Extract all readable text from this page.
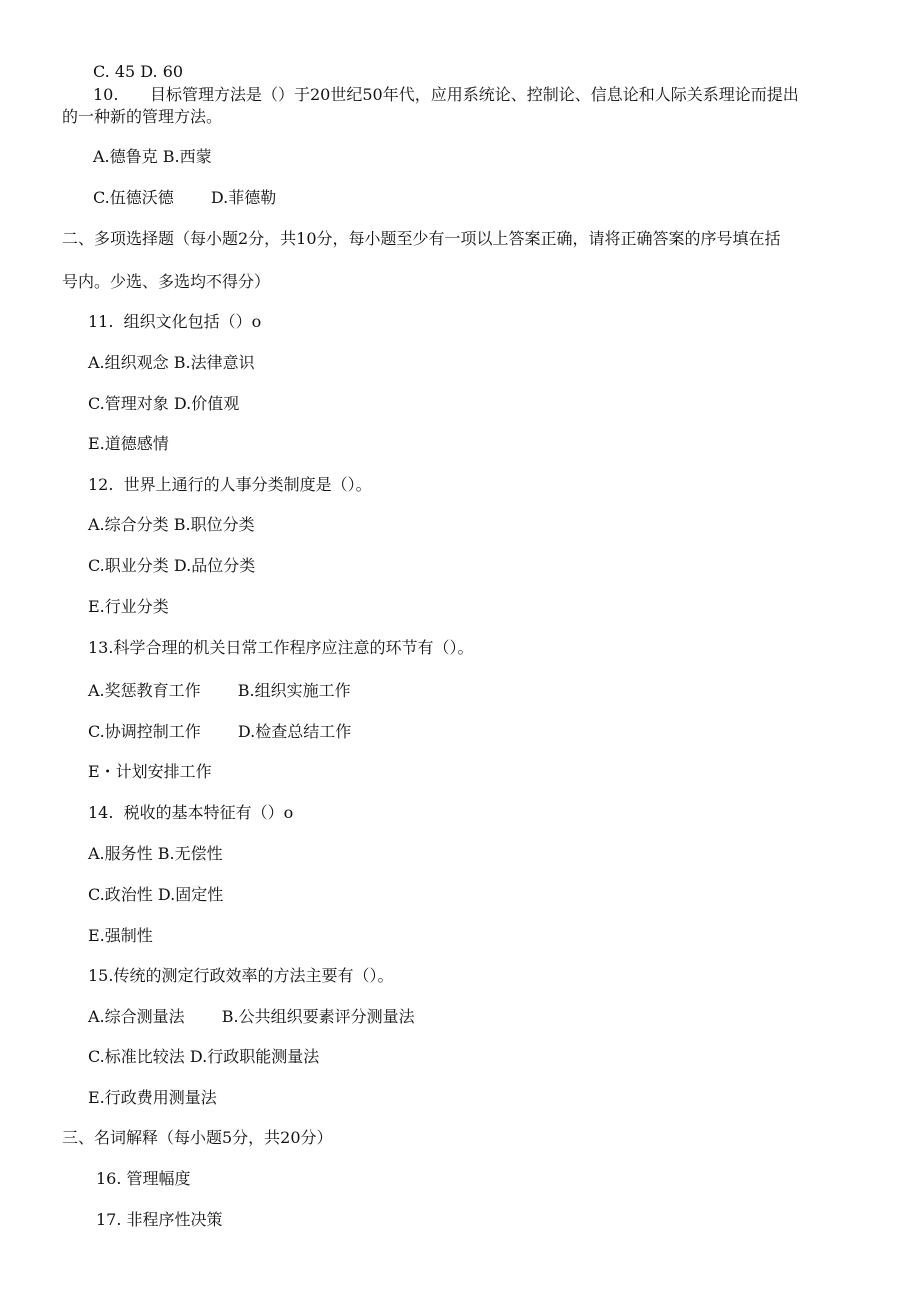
C. 45 D. 60
10. 目标管理方法是（）于20世纪50年代，应用系统论、控制论、信息论和人际关系理论而提出
的一种新的管理方法。
A.德鲁克 B.西蒙
C.伍德沃德　　 D.菲德勒
二、多项选择题（每小题2分，共10分，每小题至少有一项以上答案正确，请将正确答案的序号填在括
号内。少选、多选均不得分）
11.  组织文化包括（）o
A.组织观念 B.法律意识
C.管理对象 D.价值观
E.道德感情
12.  世界上通行的人事分类制度是（）。
A.综合分类 B.职位分类
C.职业分类 D.品位分类
E.行业分类
13.科学合理的机关日常工作程序应注意的环节有（）。
A.奖惩教育工作　　 B.组织实施工作
C.协调控制工作　　 D.检查总结工作
E・计划安排工作
14.  税收的基本特征有（）o
A.服务性 B.无偿性
C.政治性 D.固定性
E.强制性
15.传统的测定行政效率的方法主要有（）。
A.综合测量法　　 B.公共组织要素评分测量法
C.标准比较法 D.行政职能测量法
E.行政费用测量法
三、名词解释（每小题5分，共20分）
16. 管理幅度
17. 非程序性决策
